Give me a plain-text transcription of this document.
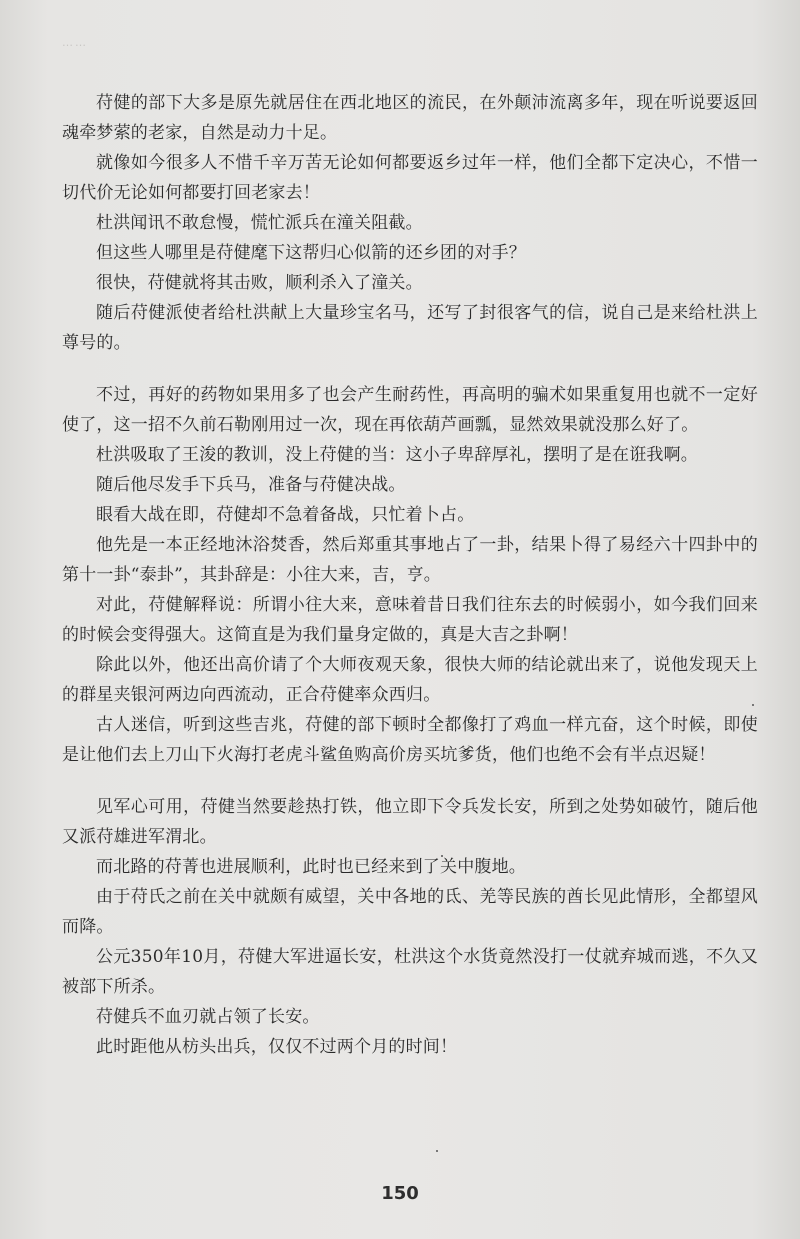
……

苻健的部下大多是原先就居住在西北地区的流民，在外颠沛流离多年，现在听说要返回魂牵梦萦的老家，自然是动力十足。

就像如今很多人不惜千辛万苦无论如何都要返乡过年一样，他们全都下定决心，不惜一切代价无论如何都要打回老家去！

杜洪闻讯不敢怠慢，慌忙派兵在潼关阻截。

但这些人哪里是苻健麾下这帮归心似箭的还乡团的对手？

很快，苻健就将其击败，顺利杀入了潼关。

随后苻健派使者给杜洪献上大量珍宝名马，还写了封很客气的信，说自己是来给杜洪上尊号的。

不过，再好的药物如果用多了也会产生耐药性，再高明的骗术如果重复用也就不一定好使了，这一招不久前石勒刚用过一次，现在再依葫芦画瓢，显然效果就没那么好了。

杜洪吸取了王浚的教训，没上苻健的当：这小子卑辞厚礼，摆明了是在诳我啊。

随后他尽发手下兵马，准备与苻健决战。

眼看大战在即，苻健却不急着备战，只忙着卜占。

他先是一本正经地沐浴焚香，然后郑重其事地占了一卦，结果卜得了易经六十四卦中的第十一卦“泰卦”，其卦辞是：小往大来，吉，亨。

对此，苻健解释说：所谓小往大来，意味着昔日我们往东去的时候弱小，如今我们回来的时候会变得强大。这简直是为我们量身定做的，真是大吉之卦啊！

除此以外，他还出高价请了个大师夜观天象，很快大师的结论就出来了，说他发现天上的群星夹银河两边向西流动，正合苻健率众西归。

古人迷信，听到这些吉兆，苻健的部下顿时全都像打了鸡血一样亢奋，这个时候，即使是让他们去上刀山下火海打老虎斗鲨鱼购高价房买坑爹货，他们也绝不会有半点迟疑！

见军心可用，苻健当然要趁热打铁，他立即下令兵发长安，所到之处势如破竹，随后他又派苻雄进军渭北。

而北路的苻菁也进展顺利，此时也已经来到了关中腹地。

由于苻氏之前在关中就颇有威望，关中各地的氐、羌等民族的酋长见此情形，全都望风而降。

公元350年10月，苻健大军进逼长安，杜洪这个水货竟然没打一仗就弃城而逃，不久又被部下所杀。

苻健兵不血刃就占领了长安。

此时距他从枋头出兵，仅仅不过两个月的时间！

150
